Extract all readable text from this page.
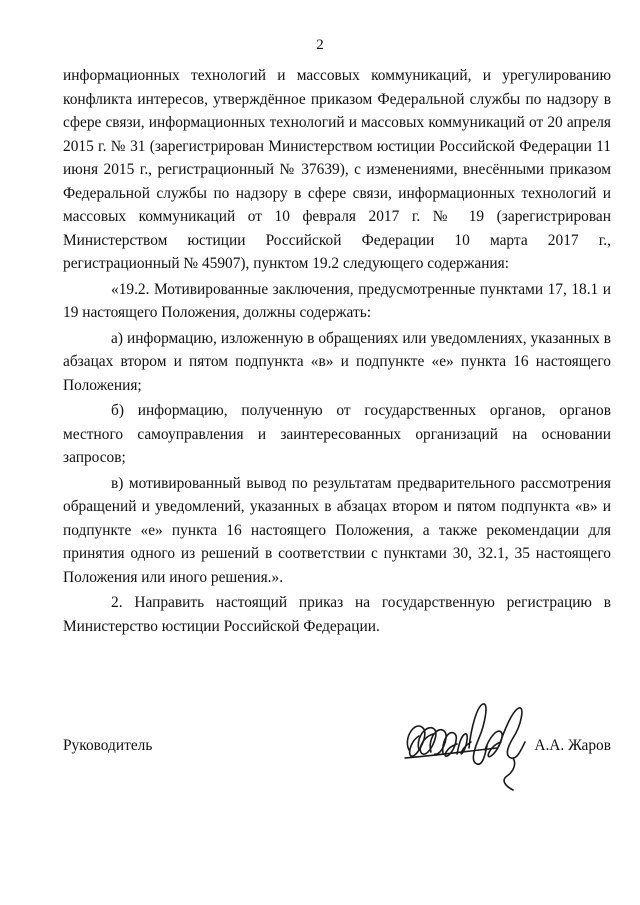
2

информационных технологий и массовых коммуникаций, и урегулированию конфликта интересов, утверждённое приказом Федеральной службы по надзору в сфере связи, информационных технологий и массовых коммуникаций от 20 апреля 2015 г. № 31 (зарегистрирован Министерством юстиции Российской Федерации 11 июня 2015 г., регистрационный № 37639), с изменениями, внесёнными приказом Федеральной службы по надзору в сфере связи, информационных технологий и массовых коммуникаций от 10 февраля 2017 г. № 19 (зарегистрирован Министерством юстиции Российской Федерации 10 марта 2017 г., регистрационный № 45907), пунктом 19.2 следующего содержания:

«19.2. Мотивированные заключения, предусмотренные пунктами 17, 18.1 и 19 настоящего Положения, должны содержать:

а) информацию, изложенную в обращениях или уведомлениях, указанных в абзацах втором и пятом подпункта «в» и подпункте «е» пункта 16 настоящего Положения;

б) информацию, полученную от государственных органов, органов местного самоуправления и заинтересованных организаций на основании запросов;

в) мотивированный вывод по результатам предварительного рассмотрения обращений и уведомлений, указанных в абзацах втором и пятом подпункта «в» и подпункте «е» пункта 16 настоящего Положения, а также рекомендации для принятия одного из решений в соответствии с пунктами 30, 32.1, 35 настоящего Положения или иного решения.».

2. Направить настоящий приказ на государственную регистрацию в Министерство юстиции Российской Федерации.

Руководитель	А.А. Жаров
